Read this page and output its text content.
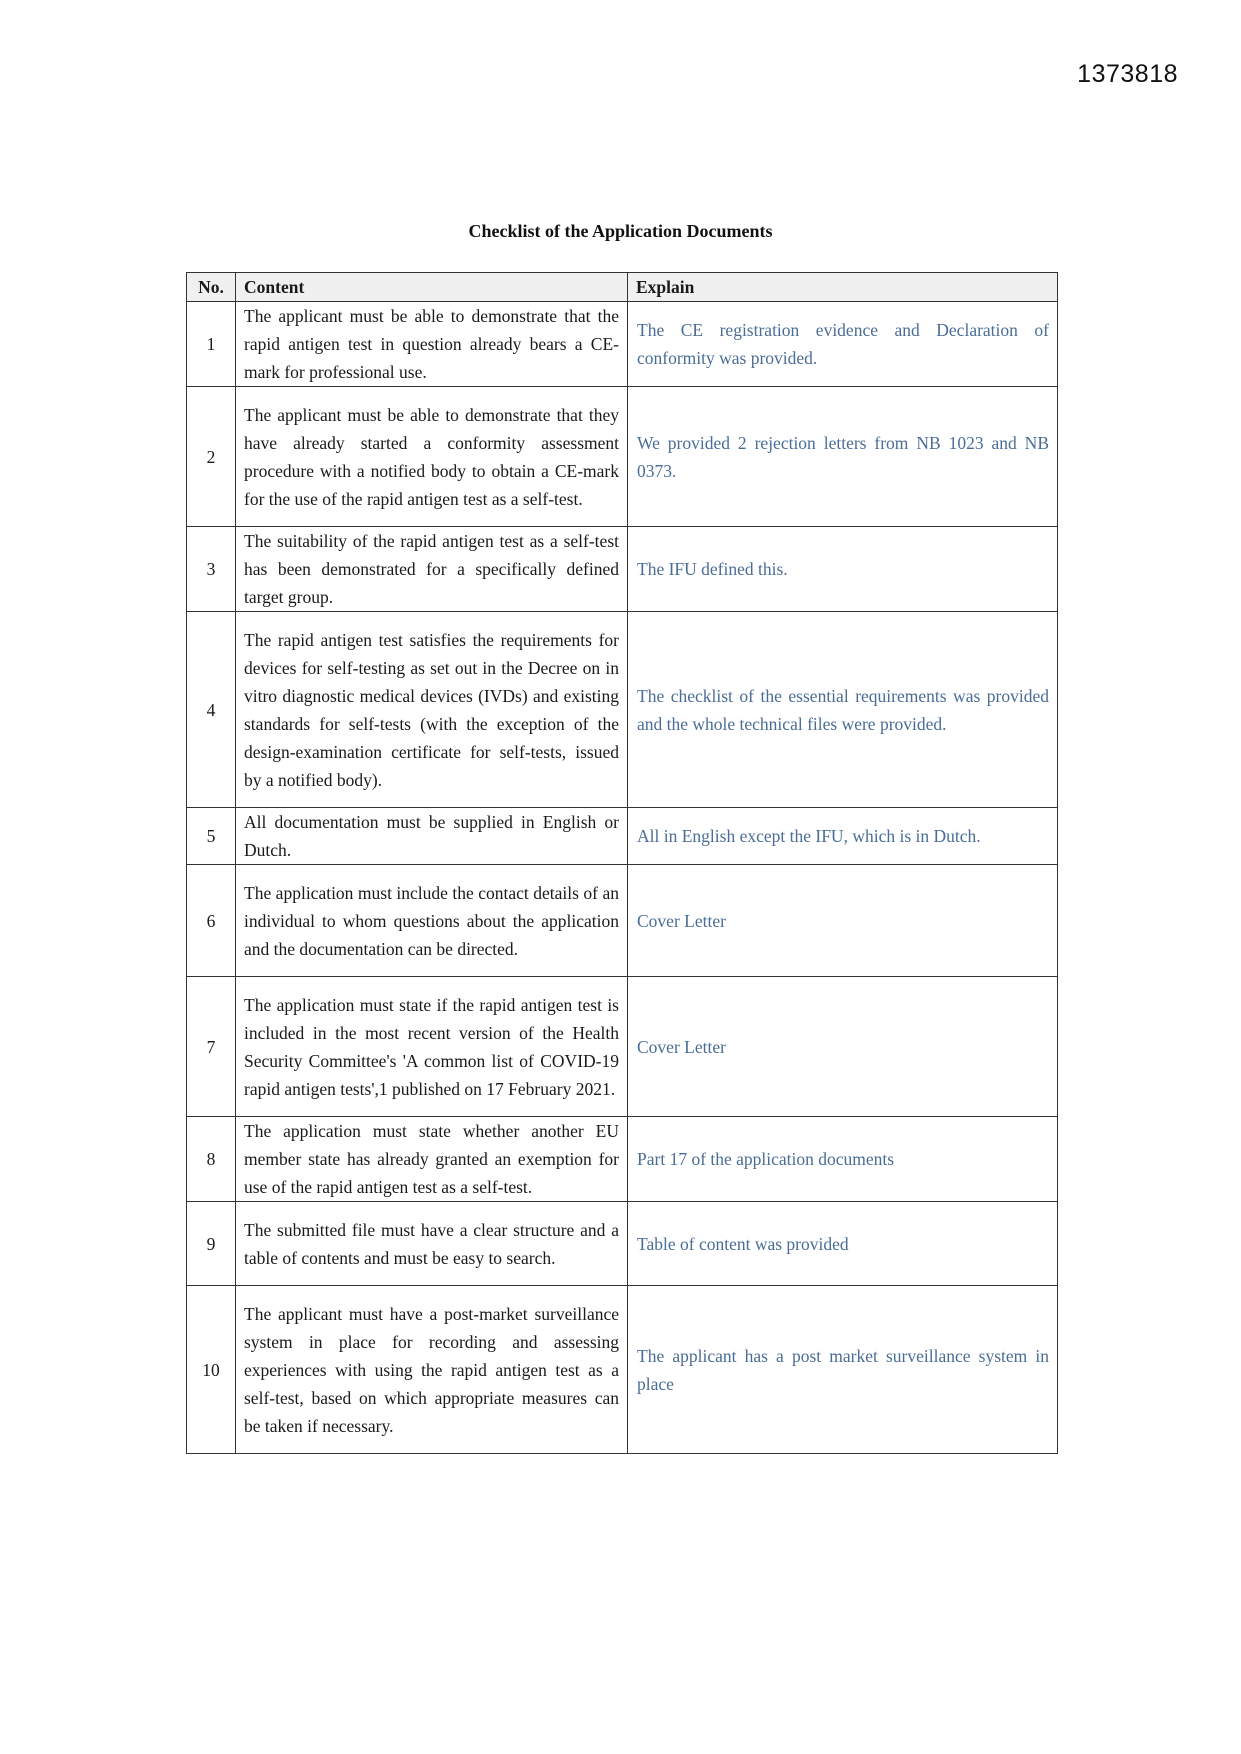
1373818
Checklist of the Application Documents
No.	Content	Explain
1	The applicant must be able to demonstrate that the rapid antigen test in question already bears a CE-mark for professional use.	The CE registration evidence and Declaration of conformity was provided.
2	The applicant must be able to demonstrate that they have already started a conformity assessment procedure with a notified body to obtain a CE-mark for the use of the rapid antigen test as a self-test.	We provided 2 rejection letters from NB 1023 and NB 0373.
3	The suitability of the rapid antigen test as a self-test has been demonstrated for a specifically defined target group.	The IFU defined this.
4	The rapid antigen test satisfies the requirements for devices for self-testing as set out in the Decree on in vitro diagnostic medical devices (IVDs) and existing standards for self-tests (with the exception of the design-examination certificate for self-tests, issued by a notified body).	The checklist of the essential requirements was provided and the whole technical files were provided.
5	All documentation must be supplied in English or Dutch.	All in English except the IFU, which is in Dutch.
6	The application must include the contact details of an individual to whom questions about the application and the documentation can be directed.	Cover Letter
7	The application must state if the rapid antigen test is included in the most recent version of the Health Security Committee's 'A common list of COVID-19 rapid antigen tests',1 published on 17 February 2021.	Cover Letter
8	The application must state whether another EU member state has already granted an exemption for use of the rapid antigen test as a self-test.	Part 17 of the application documents
9	The submitted file must have a clear structure and a table of contents and must be easy to search.	Table of content was provided
10	The applicant must have a post-market surveillance system in place for recording and assessing experiences with using the rapid antigen test as a self-test, based on which appropriate measures can be taken if necessary.	The applicant has a post market surveillance system in place
